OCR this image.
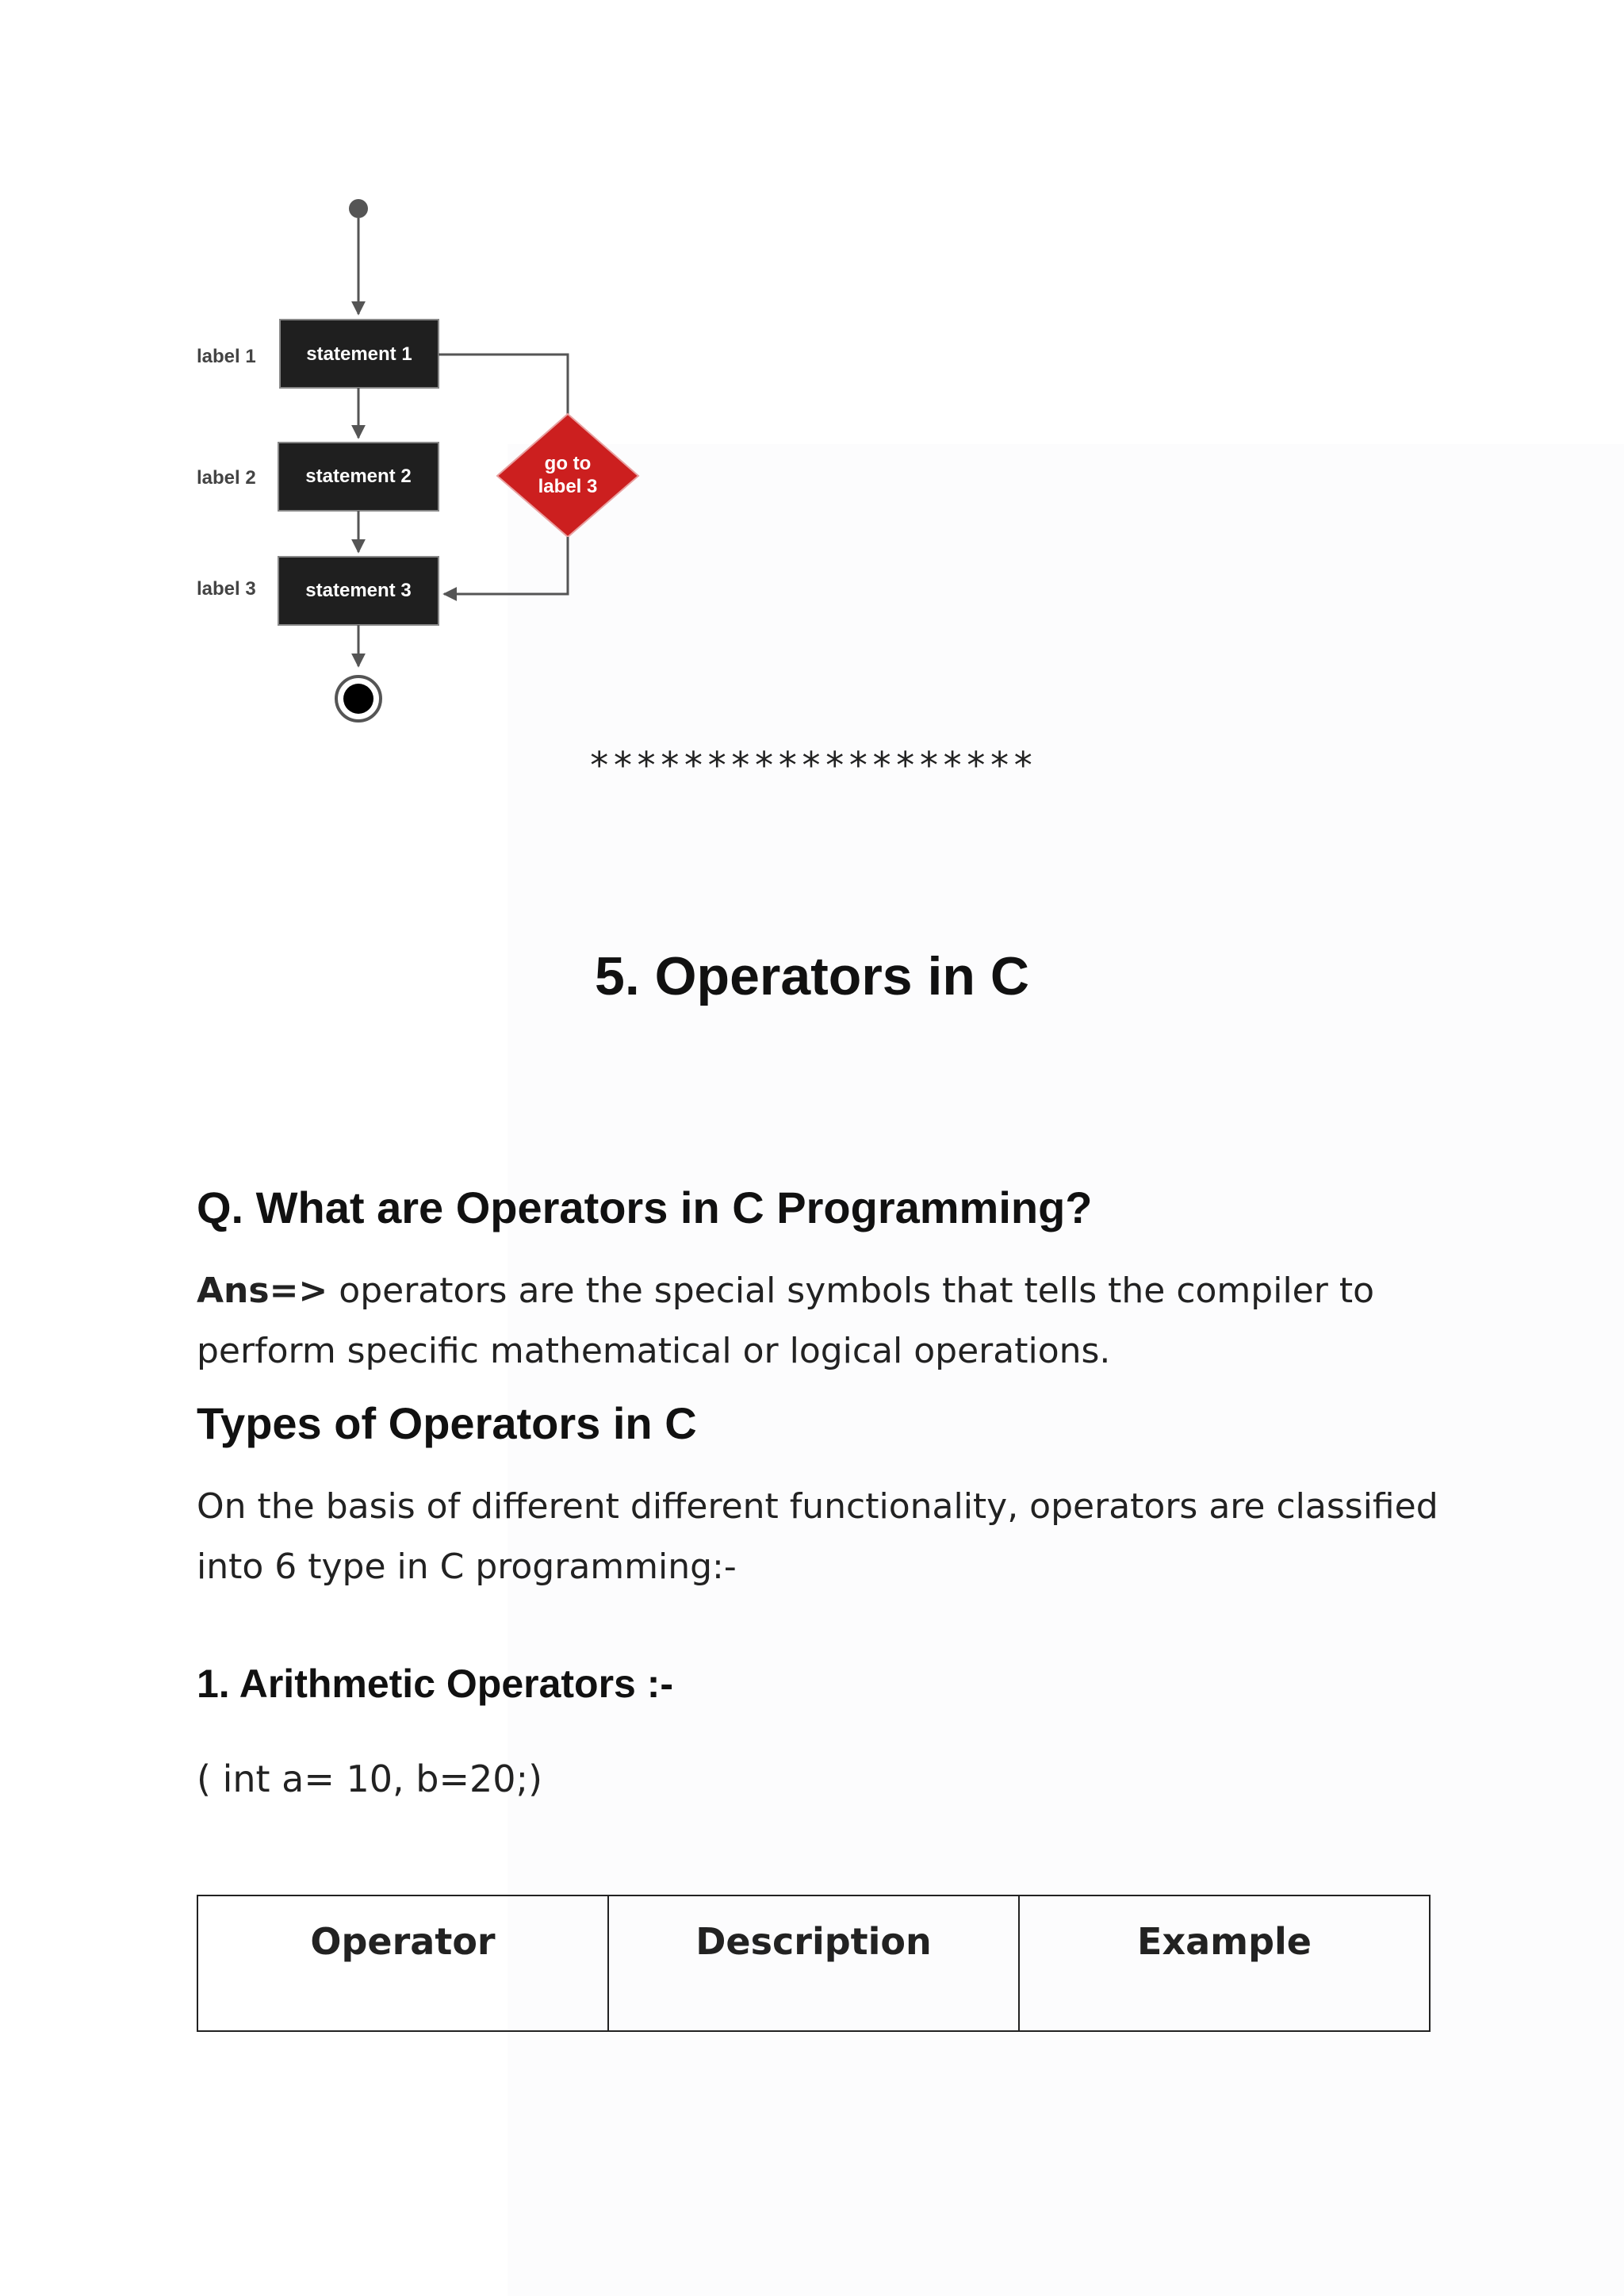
label 1	statement 1
label 2	statement 2
label 3	statement 3
go to
label 3
*******************
5. Operators in C
Q. What are Operators in C Programming?

Ans=> operators are the special symbols that tells the compiler to perform specific mathematical or logical operations.

Types of Operators in C

On the basis of different different functionality, operators are classified into 6 type in C programming:-

1. Arithmetic Operators :-

( int a= 10, b=20;)

Operator	Description	Example
